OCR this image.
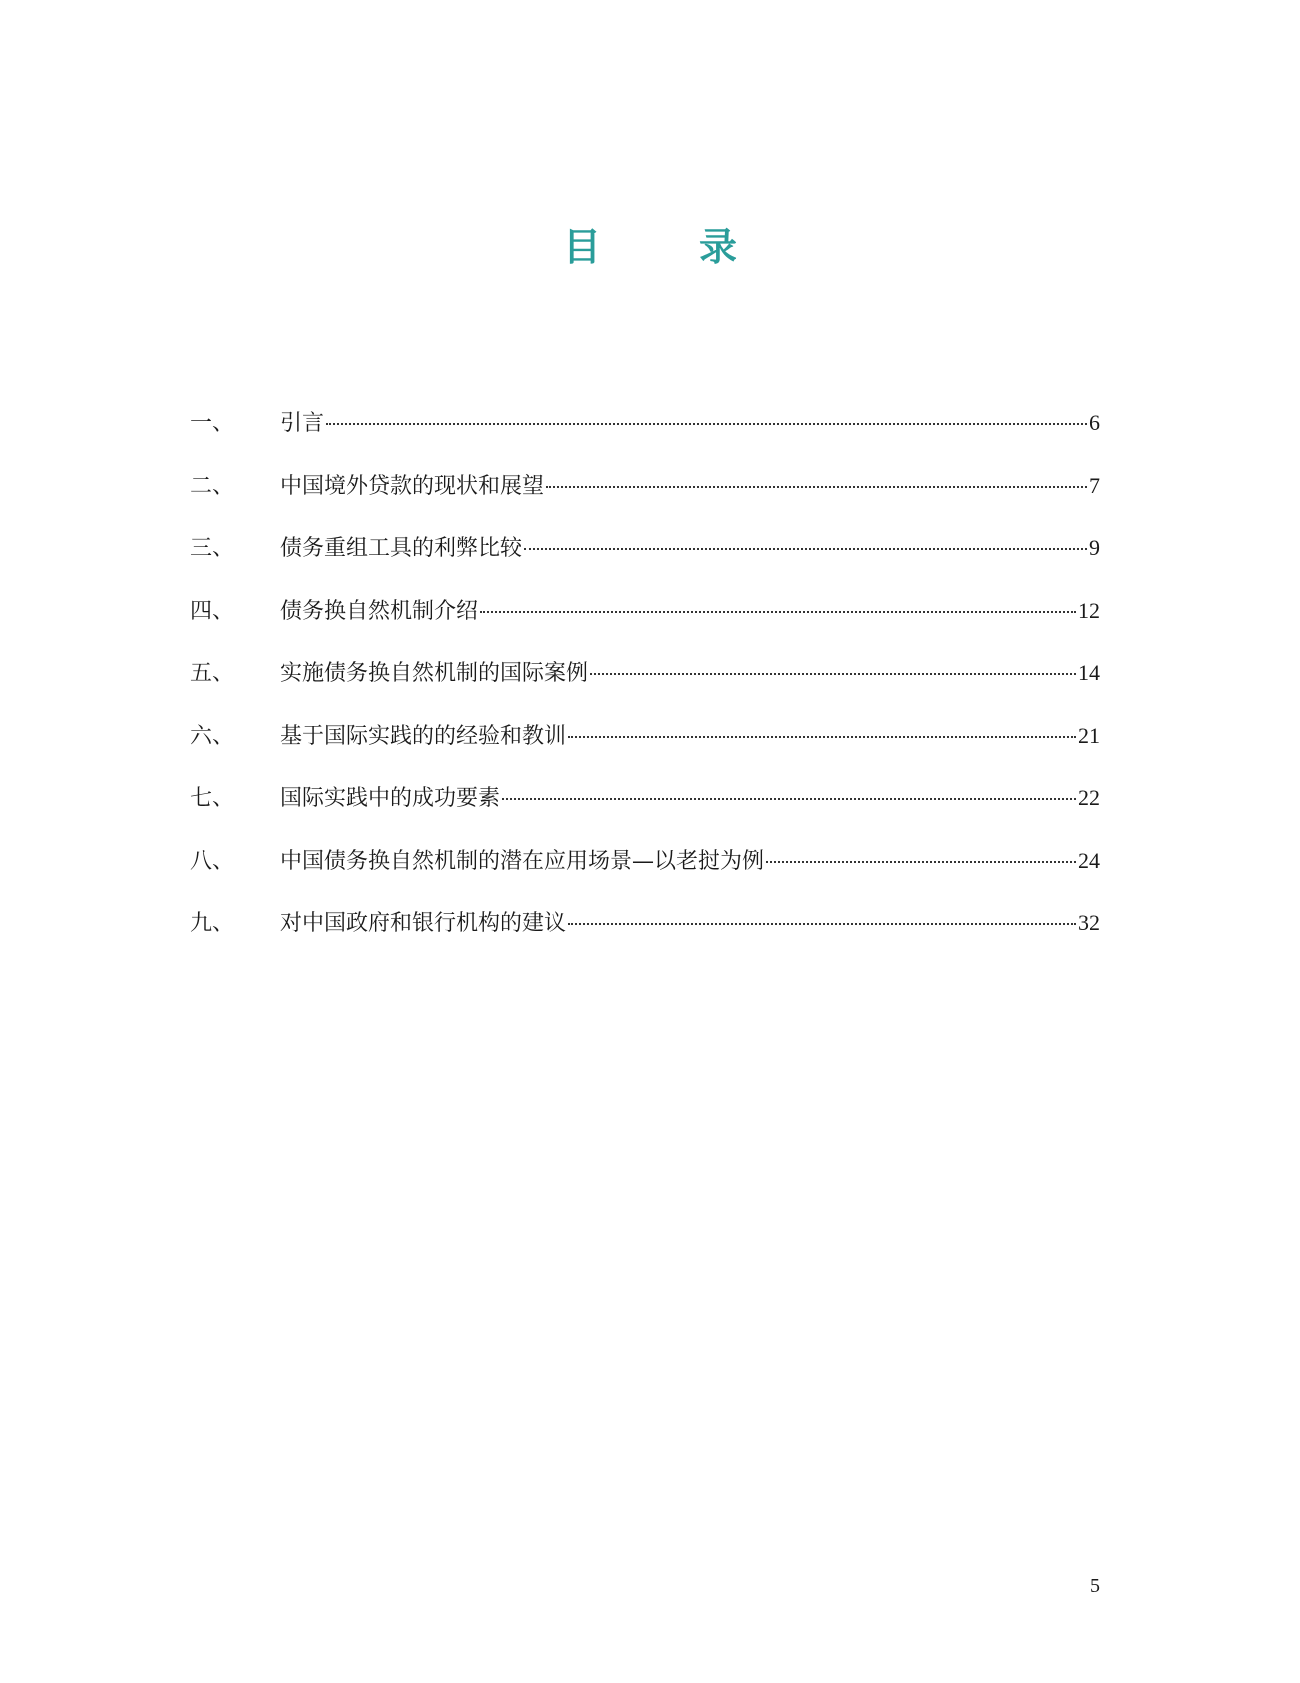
目　录
一、	引言	6
二、	中国境外贷款的现状和展望	7
三、	债务重组工具的利弊比较	9
四、	债务换自然机制介绍	12
五、	实施债务换自然机制的国际案例	14
六、	基于国际实践的的经验和教训	21
七、	国际实践中的成功要素	22
八、	中国债务换自然机制的潜在应用场景—以老挝为例	24
九、	对中国政府和银行机构的建议	32
5
